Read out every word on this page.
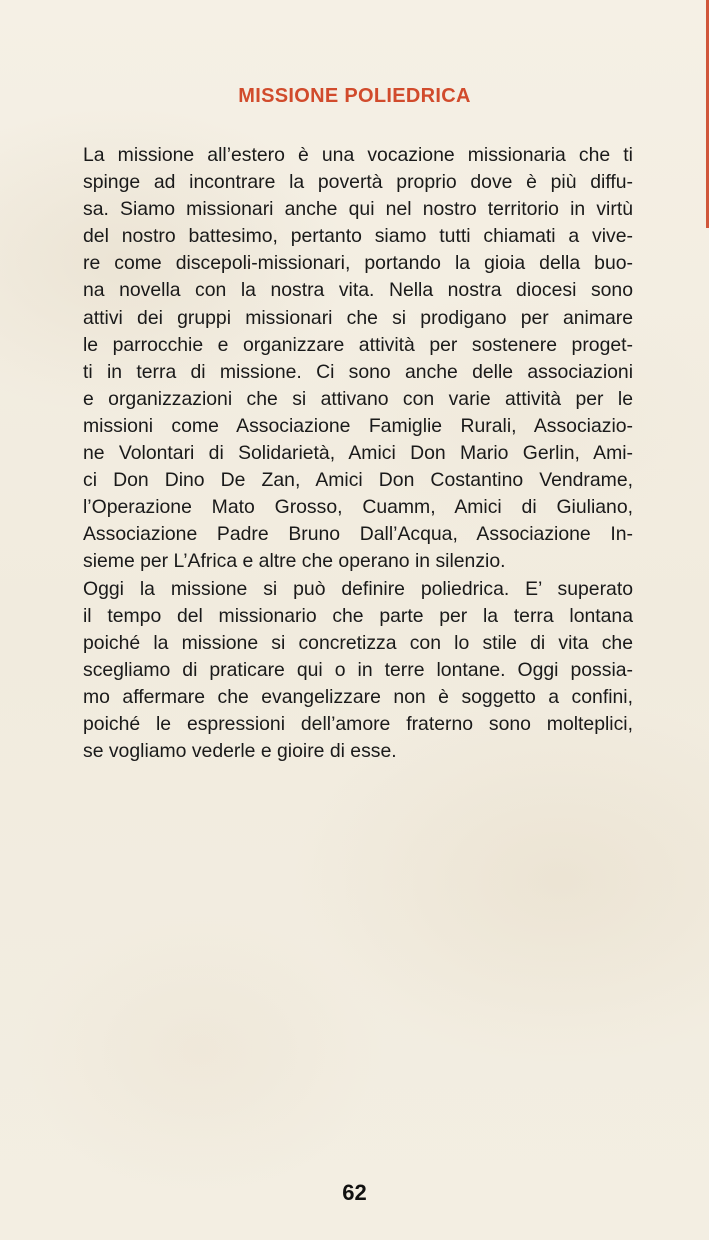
MISSIONE POLIEDRICA
La missione all’estero è una vocazione missionaria che ti
spinge ad incontrare la povertà proprio dove è più diffu-
sa. Siamo missionari anche qui nel nostro territorio in virtù
del nostro battesimo, pertanto siamo tutti chiamati a vive-
re come discepoli-missionari, portando la gioia della buo-
na novella con la nostra vita. Nella nostra diocesi sono
attivi dei gruppi missionari che si prodigano per animare
le parrocchie e organizzare attività per sostenere proget-
ti in terra di missione. Ci sono anche delle associazioni
e organizzazioni che si attivano con varie attività per le
missioni come Associazione Famiglie Rurali, Associazio-
ne Volontari di Solidarietà, Amici Don Mario Gerlin, Ami-
ci Don Dino De Zan, Amici Don Costantino Vendrame,
l’Operazione Mato Grosso, Cuamm, Amici di Giuliano,
Associazione Padre Bruno Dall’Acqua, Associazione In-
sieme per L’Africa e altre che operano in silenzio.
Oggi la missione si può definire poliedrica. E’ superato
il tempo del missionario che parte per la terra lontana
poiché la missione si concretizza con lo stile di vita che
scegliamo di praticare qui o in terre lontane. Oggi possia-
mo affermare che evangelizzare non è soggetto a confini,
poiché le espressioni dell’amore fraterno sono molteplici,
se vogliamo vederle e gioire di esse.
62
